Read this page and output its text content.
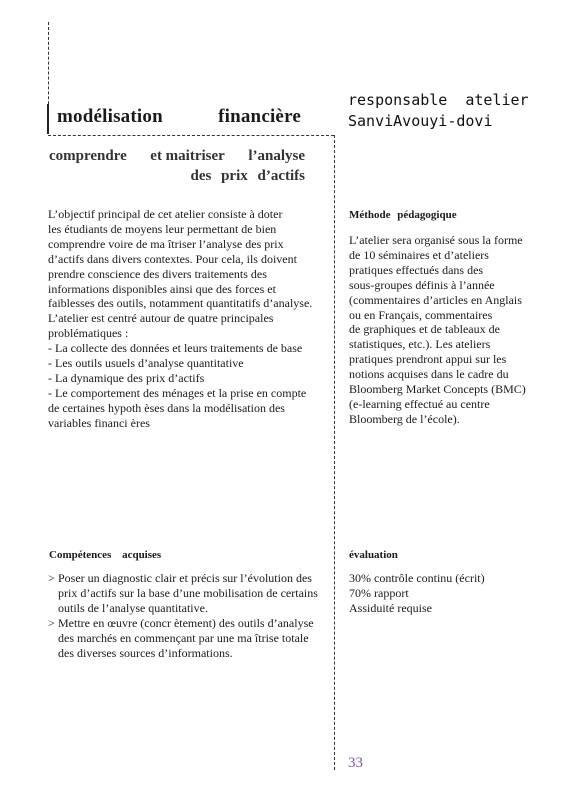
modélisation	financière
comprendre et maitriser l’analyse
des prix d’actifs
responsable atelier
SanviAvouyi-dovi
L’objectif principal de cet atelier consiste à doter
les étudiants de moyens leur permettant de bien
comprendre voire de ma îtriser l’analyse des prix
d’actifs dans divers contextes. Pour cela, ils doivent
prendre conscience des divers traitements des
informations disponibles ainsi que des forces et
faiblesses des outils, notamment quantitatifs d’analyse.
L’atelier est centré autour de quatre principales
problématiques :
- La collecte des données et leurs traitements de base
- Les outils usuels d’analyse quantitative
- La dynamique des prix d’actifs
- Le comportement des ménages et la prise en compte
de certaines hypoth èses dans la modélisation des
variables financi ères
Méthode pédagogique
L’atelier sera organisé sous la forme
de 10 séminaires et d’ateliers
pratiques effectués dans des
sous-groupes définis à l’année
(commentaires d’articles en Anglais
ou en Français, commentaires
de graphiques et de tableaux de
statistiques, etc.). Les ateliers
pratiques prendront appui sur les
notions acquises dans le cadre du
Bloomberg Market Concepts (BMC)
(e-learning effectué au centre
Bloomberg de l’école).
Compétences acquises
> Poser un diagnostic clair et précis sur l’évolution des
prix d’actifs sur la base d’une mobilisation de certains
outils de l’analyse quantitative.
> Mettre en œuvre (concr ètement) des outils d’analyse
des marchés en commençant par une ma îtrise totale
des diverses sources d’informations.
évaluation
30% contrôle continu (écrit)
70% rapport
Assiduité requise
33
